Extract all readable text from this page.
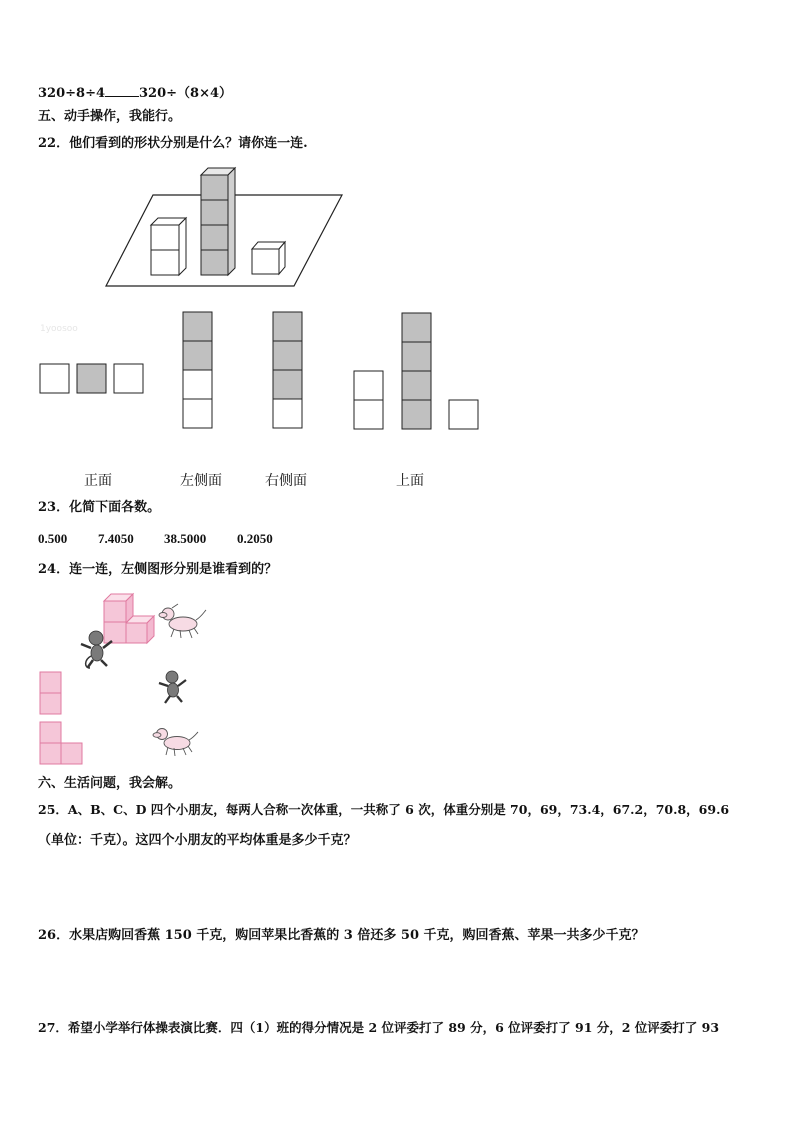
320÷8÷4	320÷（8×4）
五、动手操作，我能行。
22．他们看到的形状分别是什么？请你连一连.
1yoosoo
正面	左侧面	右侧面	上面
23．化简下面各数。
0.500 7.4050 38.5000 0.2050
24．连一连，左侧图形分别是谁看到的？
六、生活问题，我会解。
25．A、B、C、D 四个小朋友，每两人合称一次体重，一共称了 6 次，体重分别是 70，69，73.4，67.2，70.8，69.6
（单位：千克）。这四个小朋友的平均体重是多少千克？
26．水果店购回香蕉 150 千克，购回苹果比香蕉的 3 倍还多 50 千克，购回香蕉、苹果一共多少千克？
27．希望小学举行体操表演比赛．四（1）班的得分情况是 2 位评委打了 89 分，6 位评委打了 91 分，2 位评委打了 93
